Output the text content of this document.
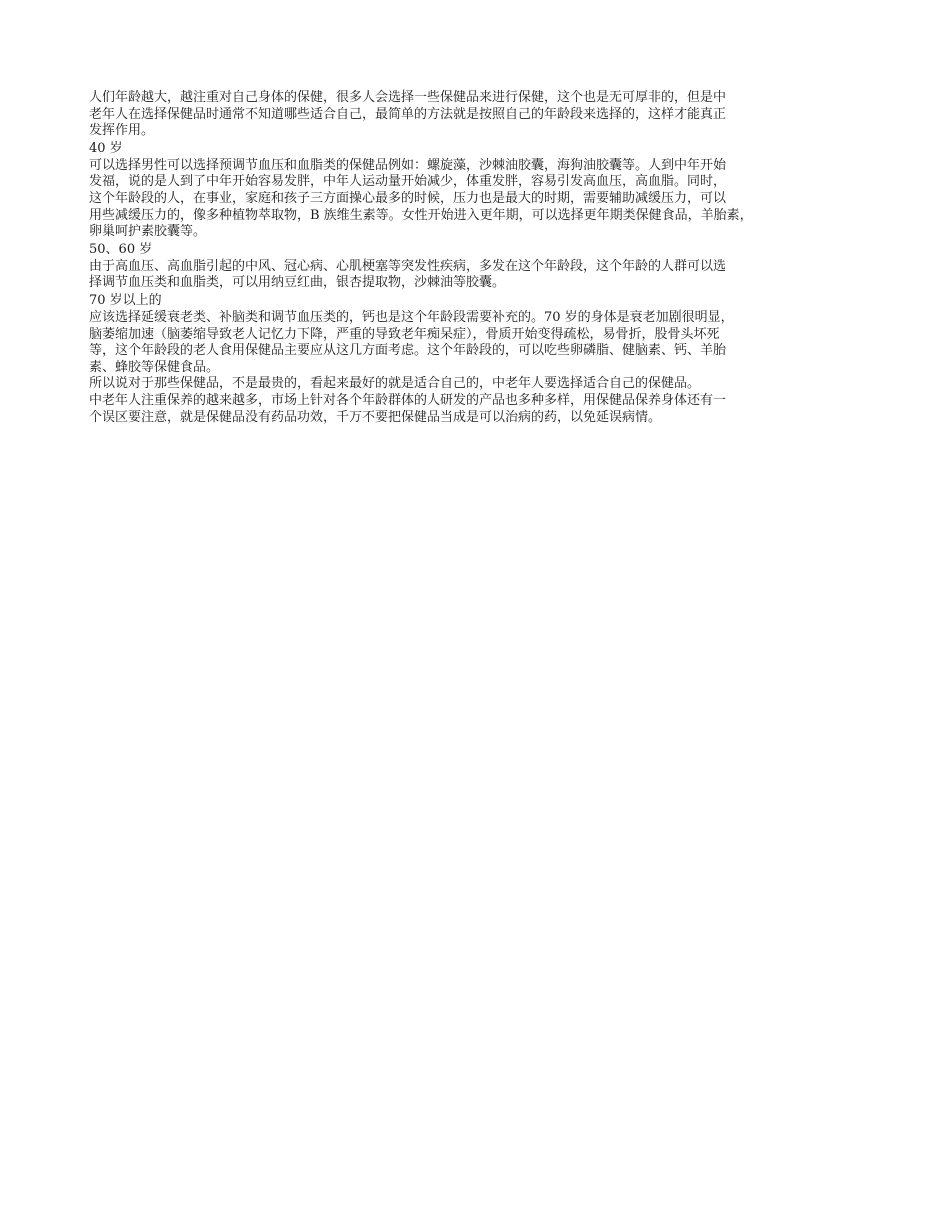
人们年龄越大，越注重对自己身体的保健，很多人会选择一些保健品来进行保健，这个也是无可厚非的，但是中
老年人在选择保健品时通常不知道哪些适合自己，最简单的方法就是按照自己的年龄段来选择的，这样才能真正
发挥作用。
40 岁
可以选择男性可以选择预调节血压和血脂类的保健品例如：螺旋藻，沙棘油胶囊，海狗油胶囊等。人到中年开始
发福，说的是人到了中年开始容易发胖，中年人运动量开始减少，体重发胖，容易引发高血压，高血脂。同时，
这个年龄段的人，在事业，家庭和孩子三方面操心最多的时候，压力也是最大的时期，需要辅助减缓压力，可以
用些减缓压力的，像多种植物萃取物，B 族维生素等。女性开始进入更年期，可以选择更年期类保健食品，羊胎素，
卵巢呵护素胶囊等。
50、60 岁
由于高血压、高血脂引起的中风、冠心病、心肌梗塞等突发性疾病，多发在这个年龄段，这个年龄的人群可以选
择调节血压类和血脂类，可以用纳豆红曲，银杏提取物，沙棘油等胶囊。
70 岁以上的
应该选择延缓衰老类、补脑类和调节血压类的，钙也是这个年龄段需要补充的。70 岁的身体是衰老加剧很明显，
脑萎缩加速（脑萎缩导致老人记忆力下降，严重的导致老年痴呆症），骨质开始变得疏松，易骨折，股骨头坏死
等，这个年龄段的老人食用保健品主要应从这几方面考虑。这个年龄段的，可以吃些卵磷脂、健脑素、钙、羊胎
素、蜂胶等保健食品。
所以说对于那些保健品，不是最贵的，看起来最好的就是适合自己的，中老年人要选择适合自己的保健品。
中老年人注重保养的越来越多，市场上针对各个年龄群体的人研发的产品也多种多样，用保健品保养身体还有一
个误区要注意，就是保健品没有药品功效，千万不要把保健品当成是可以治病的药，以免延误病情。
